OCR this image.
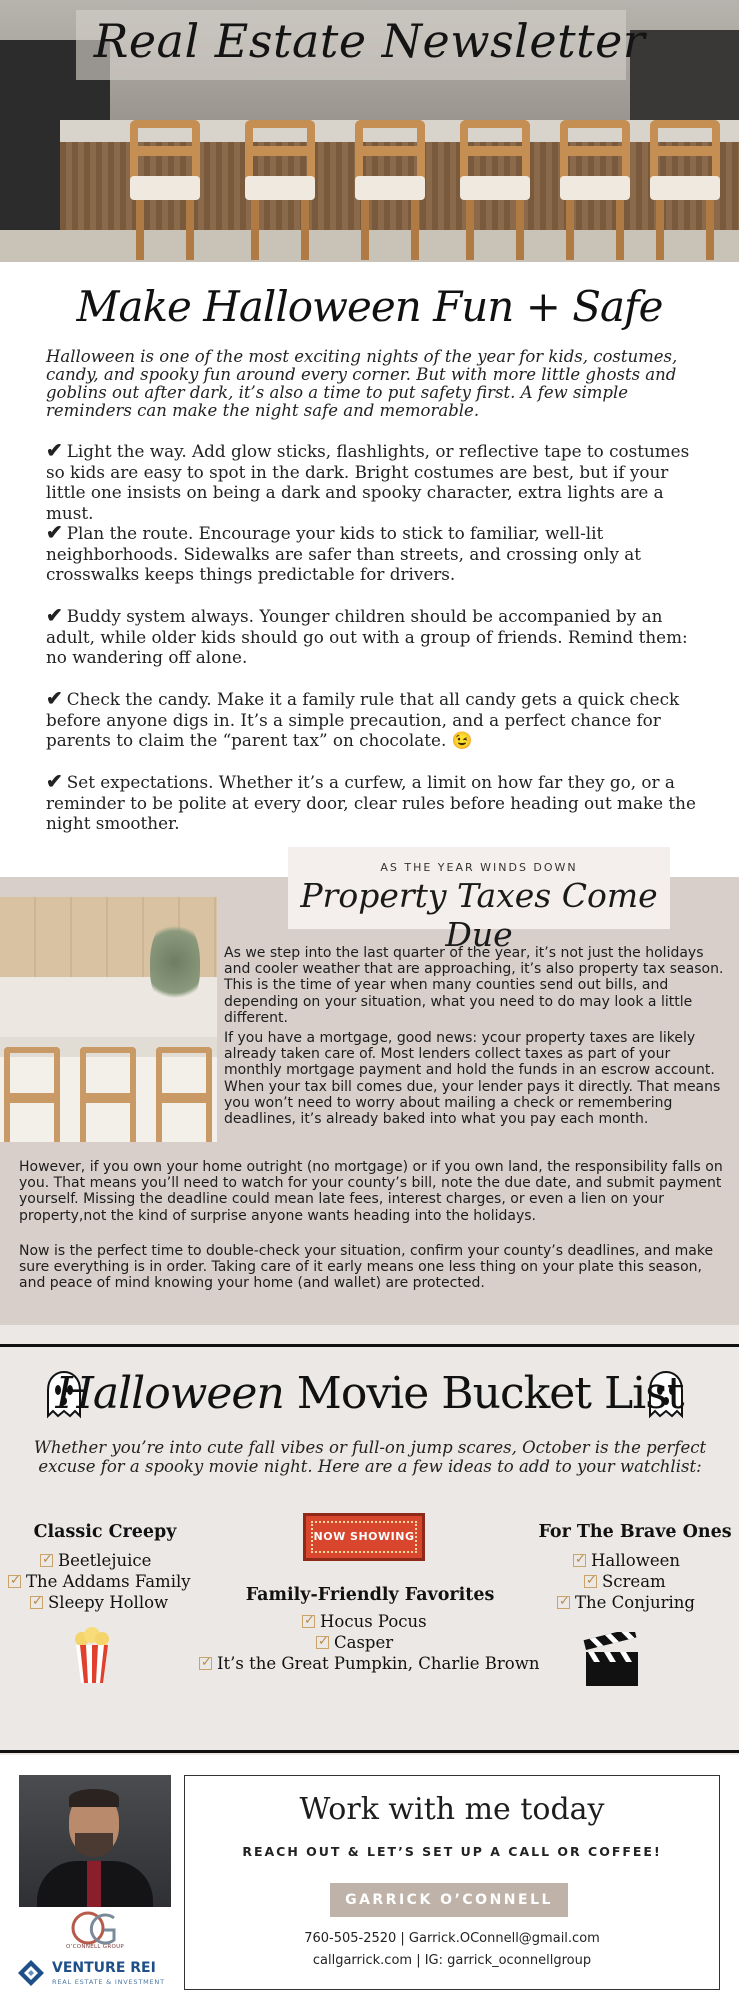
Real Estate Newsletter
Make Halloween Fun + Safe
Halloween is one of the most exciting nights of the year for kids, costumes, candy, and spooky fun around every corner. But with more little ghosts and goblins out after dark, it’s also a time to put safety first. A few simple reminders can make the night safe and memorable.
✔ Light the way. Add glow sticks, flashlights, or reflective tape to costumes so kids are easy to spot in the dark. Bright costumes are best, but if your little one insists on being a dark and spooky character, extra lights are a must.
✔ Plan the route. Encourage your kids to stick to familiar, well-lit neighborhoods. Sidewalks are safer than streets, and crossing only at crosswalks keeps things predictable for drivers.
✔ Buddy system always. Younger children should be accompanied by an adult, while older kids should go out with a group of friends. Remind them: no wandering off alone.
✔ Check the candy. Make it a family rule that all candy gets a quick check before anyone digs in. It’s a simple precaution, and a perfect chance for parents to claim the “parent tax” on chocolate. 😉
✔ Set expectations. Whether it’s a curfew, a limit on how far they go, or a reminder to be polite at every door, clear rules before heading out make the night smoother.
AS THE YEAR WINDS DOWN
Property Taxes Come Due
As we step into the last quarter of the year, it’s not just the holidays and cooler weather that are approaching, it’s also property tax season. This is the time of year when many counties send out bills, and depending on your situation, what you need to do may look a little different.
If you have a mortgage, good news: ycour property taxes are likely already taken care of. Most lenders collect taxes as part of your monthly mortgage payment and hold the funds in an escrow account. When your tax bill comes due, your lender pays it directly. That means you won’t need to worry about mailing a check or remembering deadlines, it’s already baked into what you pay each month.
However, if you own your home outright (no mortgage) or if you own land, the responsibility falls on you. That means you’ll need to watch for your county’s bill, note the due date, and submit payment yourself. Missing the deadline could mean late fees, interest charges, or even a lien on your property,not the kind of surprise anyone wants heading into the holidays.
Now is the perfect time to double-check your situation, confirm your county’s deadlines, and make sure everything is in order. Taking care of it early means one less thing on your plate this season, and peace of mind knowing your home (and wallet) are protected.
Halloween Movie Bucket List
Whether you’re into cute fall vibes or full-on jump scares, October is the perfect excuse for a spooky movie night. Here are a few ideas to add to your watchlist:
Classic Creepy
✓Beetlejuice
✓The Addams Family
✓Sleepy Hollow
NOW SHOWING
Family-Friendly Favorites
✓Hocus Pocus
✓Casper
✓It’s the Great Pumpkin, Charlie Brown
For The Brave Ones
✓Halloween
✓Scream
✓The Conjuring
O’CONNELL GROUP
VENTURE REI
REAL ESTATE & INVESTMENT
Work with me today
REACH OUT & LET’S SET UP A CALL OR COFFEE!
GARRICK O’CONNELL
760-505-2520 | Garrick.OConnell@gmail.com
callgarrick.com | IG: garrick_oconnellgroup
